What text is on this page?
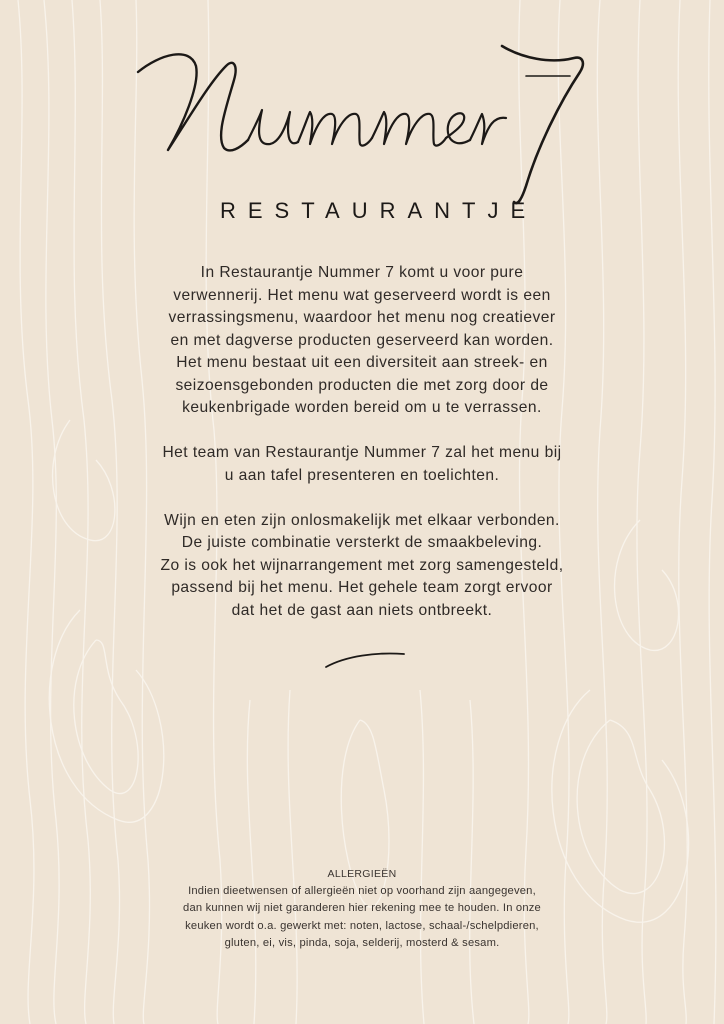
RESTAURANTJE

In Restaurantje Nummer 7 komt u voor pure
verwennerij. Het menu wat geserveerd wordt is een
verrassingsmenu, waardoor het menu nog creatiever
en met dagverse producten geserveerd kan worden.
Het menu bestaat uit een diversiteit aan streek- en
seizoensgebonden producten die met zorg door de
keukenbrigade worden bereid om u te verrassen.

Het team van Restaurantje Nummer 7 zal het menu bij
u aan tafel presenteren en toelichten.

Wijn en eten zijn onlosmakelijk met elkaar verbonden.
De juiste combinatie versterkt de smaakbeleving.
Zo is ook het wijnarrangement met zorg samengesteld,
passend bij het menu. Het gehele team zorgt ervoor
dat het de gast aan niets ontbreekt.

ALLERGIEËN
Indien dieetwensen of allergieën niet op voorhand zijn aangegeven,
dan kunnen wij niet garanderen hier rekening mee te houden. In onze
keuken wordt o.a. gewerkt met: noten, lactose, schaal-/schelpdieren,
gluten, ei, vis, pinda, soja, selderij, mosterd & sesam.
